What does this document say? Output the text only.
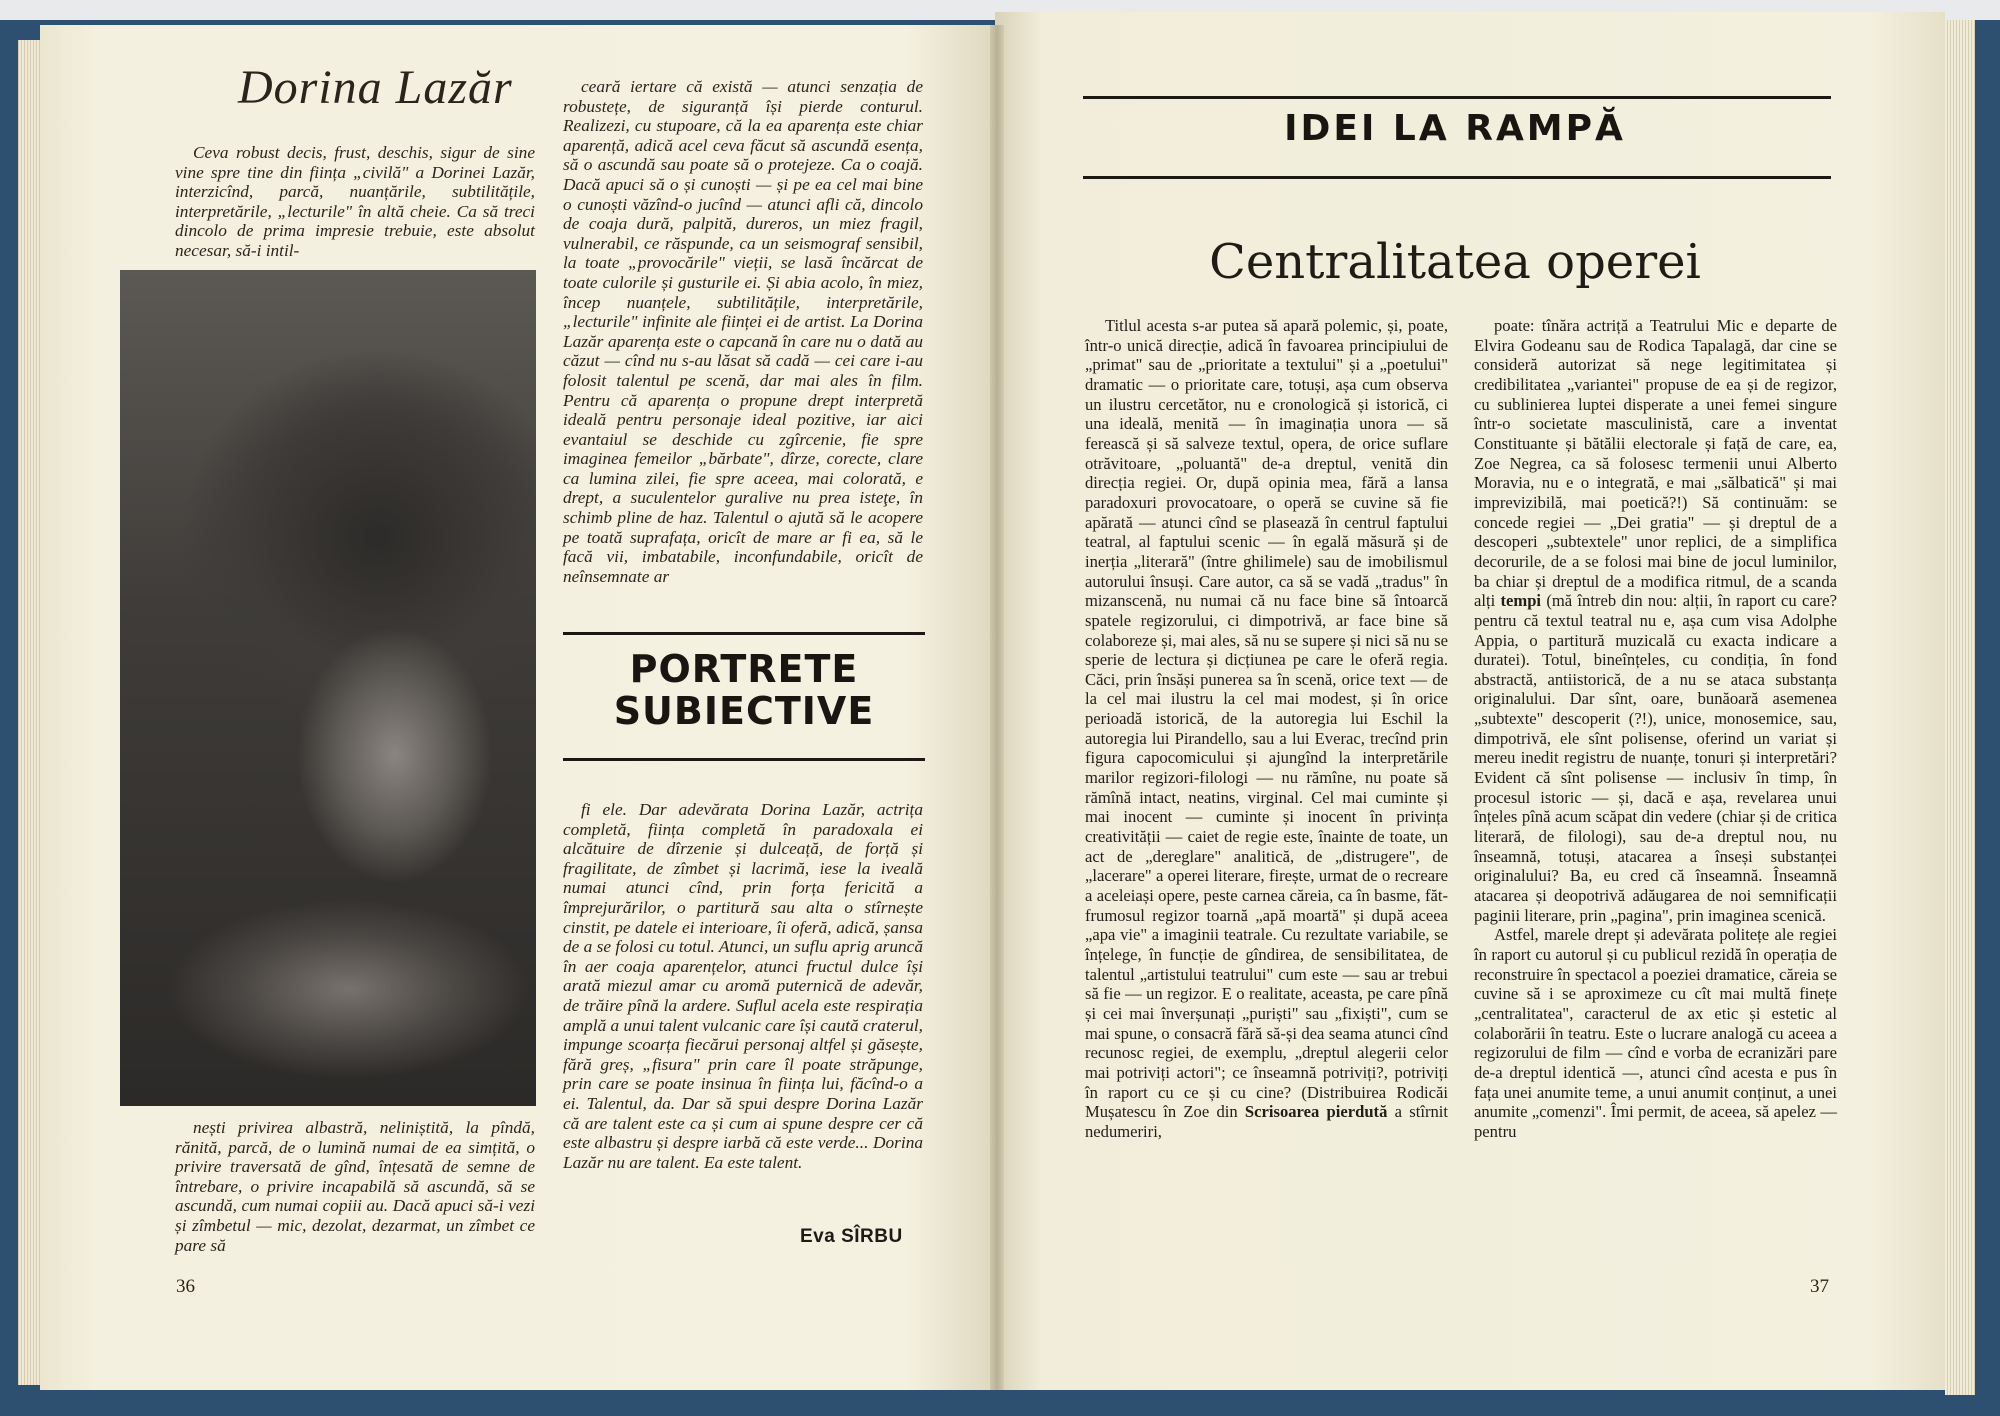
Dorina Lazăr

Ceva robust decis, frust, deschis, sigur de sine vine spre tine din ființa „civilă" a Dorinei Lazăr, interzicînd, parcă, nuanțările, subtilitățile, interpretările, „lecturile" în altă cheie. Ca să treci dincolo de prima impresie trebuie, este absolut necesar, să-i intil-

ceară iertare că există — atunci senzația de robustețe, de siguranță își pierde conturul. Realizezi, cu stupoare, că la ea aparența este chiar aparență, adică acel ceva făcut să ascundă esența, să o ascundă sau poate să o protejeze. Ca o coajă. Dacă apuci să o și cunoști — și pe ea cel mai bine o cunoști văzînd-o jucînd — atunci afli că, dincolo de coaja dură, palpită, dureros, un miez fragil, vulnerabil, ce răspunde, ca un seismograf sensibil, la toate „provocările" vieții, se lasă încărcat de toate culorile și gusturile ei. Și abia acolo, în miez, încep nuanțele, subtilitățile, interpretările, „lecturile" infinite ale ființei ei de artist. La Dorina Lazăr aparența este o capcană în care nu o dată au căzut — cînd nu s-au lăsat să cadă — cei care i-au folosit talentul pe scenă, dar mai ales în film. Pentru că aparența o propune drept interpretă ideală pentru personaje ideal pozitive, iar aici evantaiul se deschide cu zgîrcenie, fie spre imaginea femeilor „bărbate", dîrze, corecte, clare ca lumina zilei, fie spre aceea, mai colorată, e drept, a suculentelor guralive nu prea isteţe, în schimb pline de haz. Talentul o ajută să le acopere pe toată suprafața, oricît de mare ar fi ea, să le facă vii, imbatabile, inconfundabile, oricît de neînsemnate ar

PORTRETE
SUBIECTIVE

fi ele. Dar adevărata Dorina Lazăr, actrița completă, ființa completă în paradoxala ei alcătuire de dîrzenie și dulceață, de forță și fragilitate, de zîmbet și lacrimă, iese la iveală numai atunci cînd, prin forța fericită a împrejurărilor, o partitură sau alta o stîrnește cinstit, pe datele ei interioare, îi oferă, adică, șansa de a se folosi cu totul. Atunci, un suflu aprig aruncă în aer coaja aparențelor, atunci fructul dulce își arată miezul amar cu aromă puternică de adevăr, de trăire pînă la ardere. Suflul acela este respirația amplă a unui talent vulcanic care își caută craterul, impunge scoarța fiecărui personaj altfel și găsește, fără greș, „fisura" prin care îl poate străpunge, prin care se poate insinua în ființa lui, făcînd-o a ei. Talentul, da. Dar să spui despre Dorina Lazăr că are talent este ca și cum ai spune despre cer că este albastru și despre iarbă că este verde... Dorina Lazăr nu are talent. Ea este talent.

nești privirea albastră, neliniștită, la pîndă, rănită, parcă, de o lumină numai de ea simțită, o privire traversată de gînd, înțesată de semne de întrebare, o privire incapabilă să ascundă, să se ascundă, cum numai copiii au. Dacă apuci să-i vezi și zîmbetul — mic, dezolat, dezarmat, un zîmbet ce pare să	Eva SÎRBU
36
IDEI LA RAMPĂ
Centralitatea operei

Titlul acesta s-ar putea să apară polemic, și, poate, într-o unică direcție, adică în favoarea principiului de „primat" sau de „prioritate a textului" și a „poetului" dramatic — o prioritate care, totuși, așa cum observa un ilustru cercetător, nu e cronologică și istorică, ci una ideală, menită — în imaginația unora — să ferească și să salveze textul, opera, de orice suflare otrăvitoare, „poluantă" de-a dreptul, venită din direcția regiei. Or, după opinia mea, fără a lansa paradoxuri provocatoare, o operă se cuvine să fie apărată — atunci cînd se plasează în centrul faptului teatral, al faptului scenic — în egală măsură și de inerția „literară" (între ghilimele) sau de imobilismul autorului însuși. Care autor, ca să se vadă „tradus" în mizanscenă, nu numai că nu face bine să întoarcă spatele regizorului, ci dimpotrivă, ar face bine să colaboreze și, mai ales, să nu se supere și nici să nu se sperie de lectura și dicțiunea pe care le oferă regia. Căci, prin însăși punerea sa în scenă, orice text — de la cel mai ilustru la cel mai modest, și în orice perioadă istorică, de la autoregia lui Eschil la autoregia lui Pirandello, sau a lui Everac, trecînd prin figura capocomicului și ajungînd la interpretările marilor regizori-filologi — nu rămîne, nu poate să rămînă intact, neatins, virginal. Cel mai cuminte și mai inocent — cuminte și inocent în privința creativității — caiet de regie este, înainte de toate, un act de „dereglare" analitică, de „distrugere", de „lacerare" a operei literare, firește, urmat de o recreare a aceleiași opere, peste carnea căreia, ca în basme, făt-frumosul regizor toarnă „apă moartă" și după aceea „apa vie" a imaginii teatrale. Cu rezultate variabile, se înțelege, în funcție de gîndirea, de sensibilitatea, de talentul „artistului teatrului" cum este — sau ar trebui să fie — un regizor. E o realitate, aceasta, pe care pînă și cei mai înverșunați „puriști" sau „fixiști", cum se mai spune, o consacră fără să-și dea seama atunci cînd recunosc regiei, de exemplu, „dreptul alegerii celor mai potriviți actori"; ce înseamnă potriviți?, potriviți în raport cu ce și cu cine? (Distribuirea Rodicăi Mușatescu în Zoe din Scrisoarea pierdută a stîrnit nedumeriri,

poate: tînăra actriță a Teatrului Mic e departe de Elvira Godeanu sau de Rodica Tapalagă, dar cine se consideră autorizat să nege legitimitatea și credibilitatea „variantei" propuse de ea și de regizor, cu sublinierea luptei disperate a unei femei singure într-o societate masculinistă, care a inventat Constituante și bătălii electorale și față de care, ea, Zoe Negrea, ca să folosesc termenii unui Alberto Moravia, nu e o integrată, e mai „sălbatică" și mai imprevizibilă, mai poetică?!) Să continuăm: se concede regiei — „Dei gratia" — și dreptul de a descoperi „subtextele" unor replici, de a simplifica decorurile, de a se folosi mai bine de jocul luminilor, ba chiar și dreptul de a modifica ritmul, de a scanda alți tempi (mă întreb din nou: alții, în raport cu care? pentru că textul teatral nu e, așa cum visa Adolphe Appia, o partitură muzicală cu exacta indicare a duratei). Totul, bineînțeles, cu condiția, în fond abstractă, antiistorică, de a nu se ataca substanța originalului. Dar sînt, oare, bunăoară asemenea „subtexte" descoperit (?!), unice, monosemice, sau, dimpotrivă, ele sînt polisense, oferind un variat și mereu inedit registru de nuanțe, tonuri și interpretări? Evident că sînt polisense — inclusiv în timp, în procesul istoric — și, dacă e așa, revelarea unui înțeles pînă acum scăpat din vedere (chiar și de critica literară, de filologi), sau de-a dreptul nou, nu înseamnă, totuși, atacarea a înseși substanței originalului? Ba, eu cred că înseamnă. Înseamnă atacarea și deopotrivă adăugarea de noi semnificații paginii literare, prin „pagina", prin imaginea scenică.

Astfel, marele drept și adevărata politețe ale regiei în raport cu autorul și cu publicul rezidă în operația de reconstruire în spectacol a poeziei dramatice, căreia se cuvine să i se aproximeze cu cît mai multă finețe „centralitatea", caracterul de ax etic și estetic al colaborării în teatru. Este o lucrare analogă cu aceea a regizorului de film — cînd e vorba de ecranizări pare de-a dreptul identică —, atunci cînd acesta e pus în fața unei anumite teme, a unui anumit conținut, a unei anumite „comenzi". Îmi permit, de aceea, să apelez — pentru

37
